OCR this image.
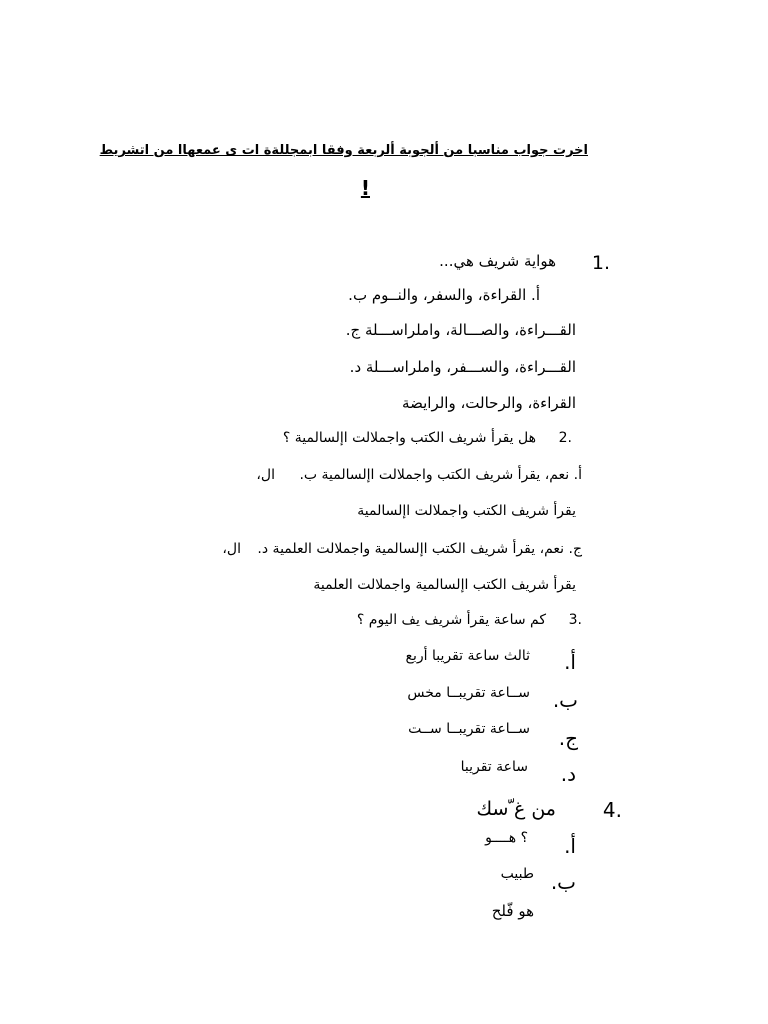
اخرت جواب مناسبا من ألجوبة ألربعة وفقا ابمجللةة ات ى عمعهاا من اتشريط
!
.1
هواية شريف هي...
أ. القراءة، والسفر، والنــوم ب.
القـــراءة، والصـــالة، واملراســـلة ج.
القـــراءة، والســـفر، واملراســـلة د.
القراءة، والرحالت، والرايضة
.2
هل يقرأ شريف الكتب واجملالت اإلسالمية ؟
أ. نعم، يقرأ شريف الكتب واجملالت اإلسالمية ب.
ال،
يقرأ شريف الكتب واجملالت اإلسالمية
ج. نعم، يقرأ شريف الكتب اإلسالمية واجملالت العلمية د.
ال،
يقرأ شريف الكتب اإلسالمية واجملالت العلمية
.3
كم ساعة يقرأ شريف يف اليوم ؟
أ.
ثالث ساعة تقريبا أربع
ب.
ســاعة تقريبــا مخس
ج.
ســاعة تقريبــا ســت
د.
ساعة تقريبا
.4
من غ ّسك
أ.
؟ هــــو
ب.
طبيب
هو فّلح
